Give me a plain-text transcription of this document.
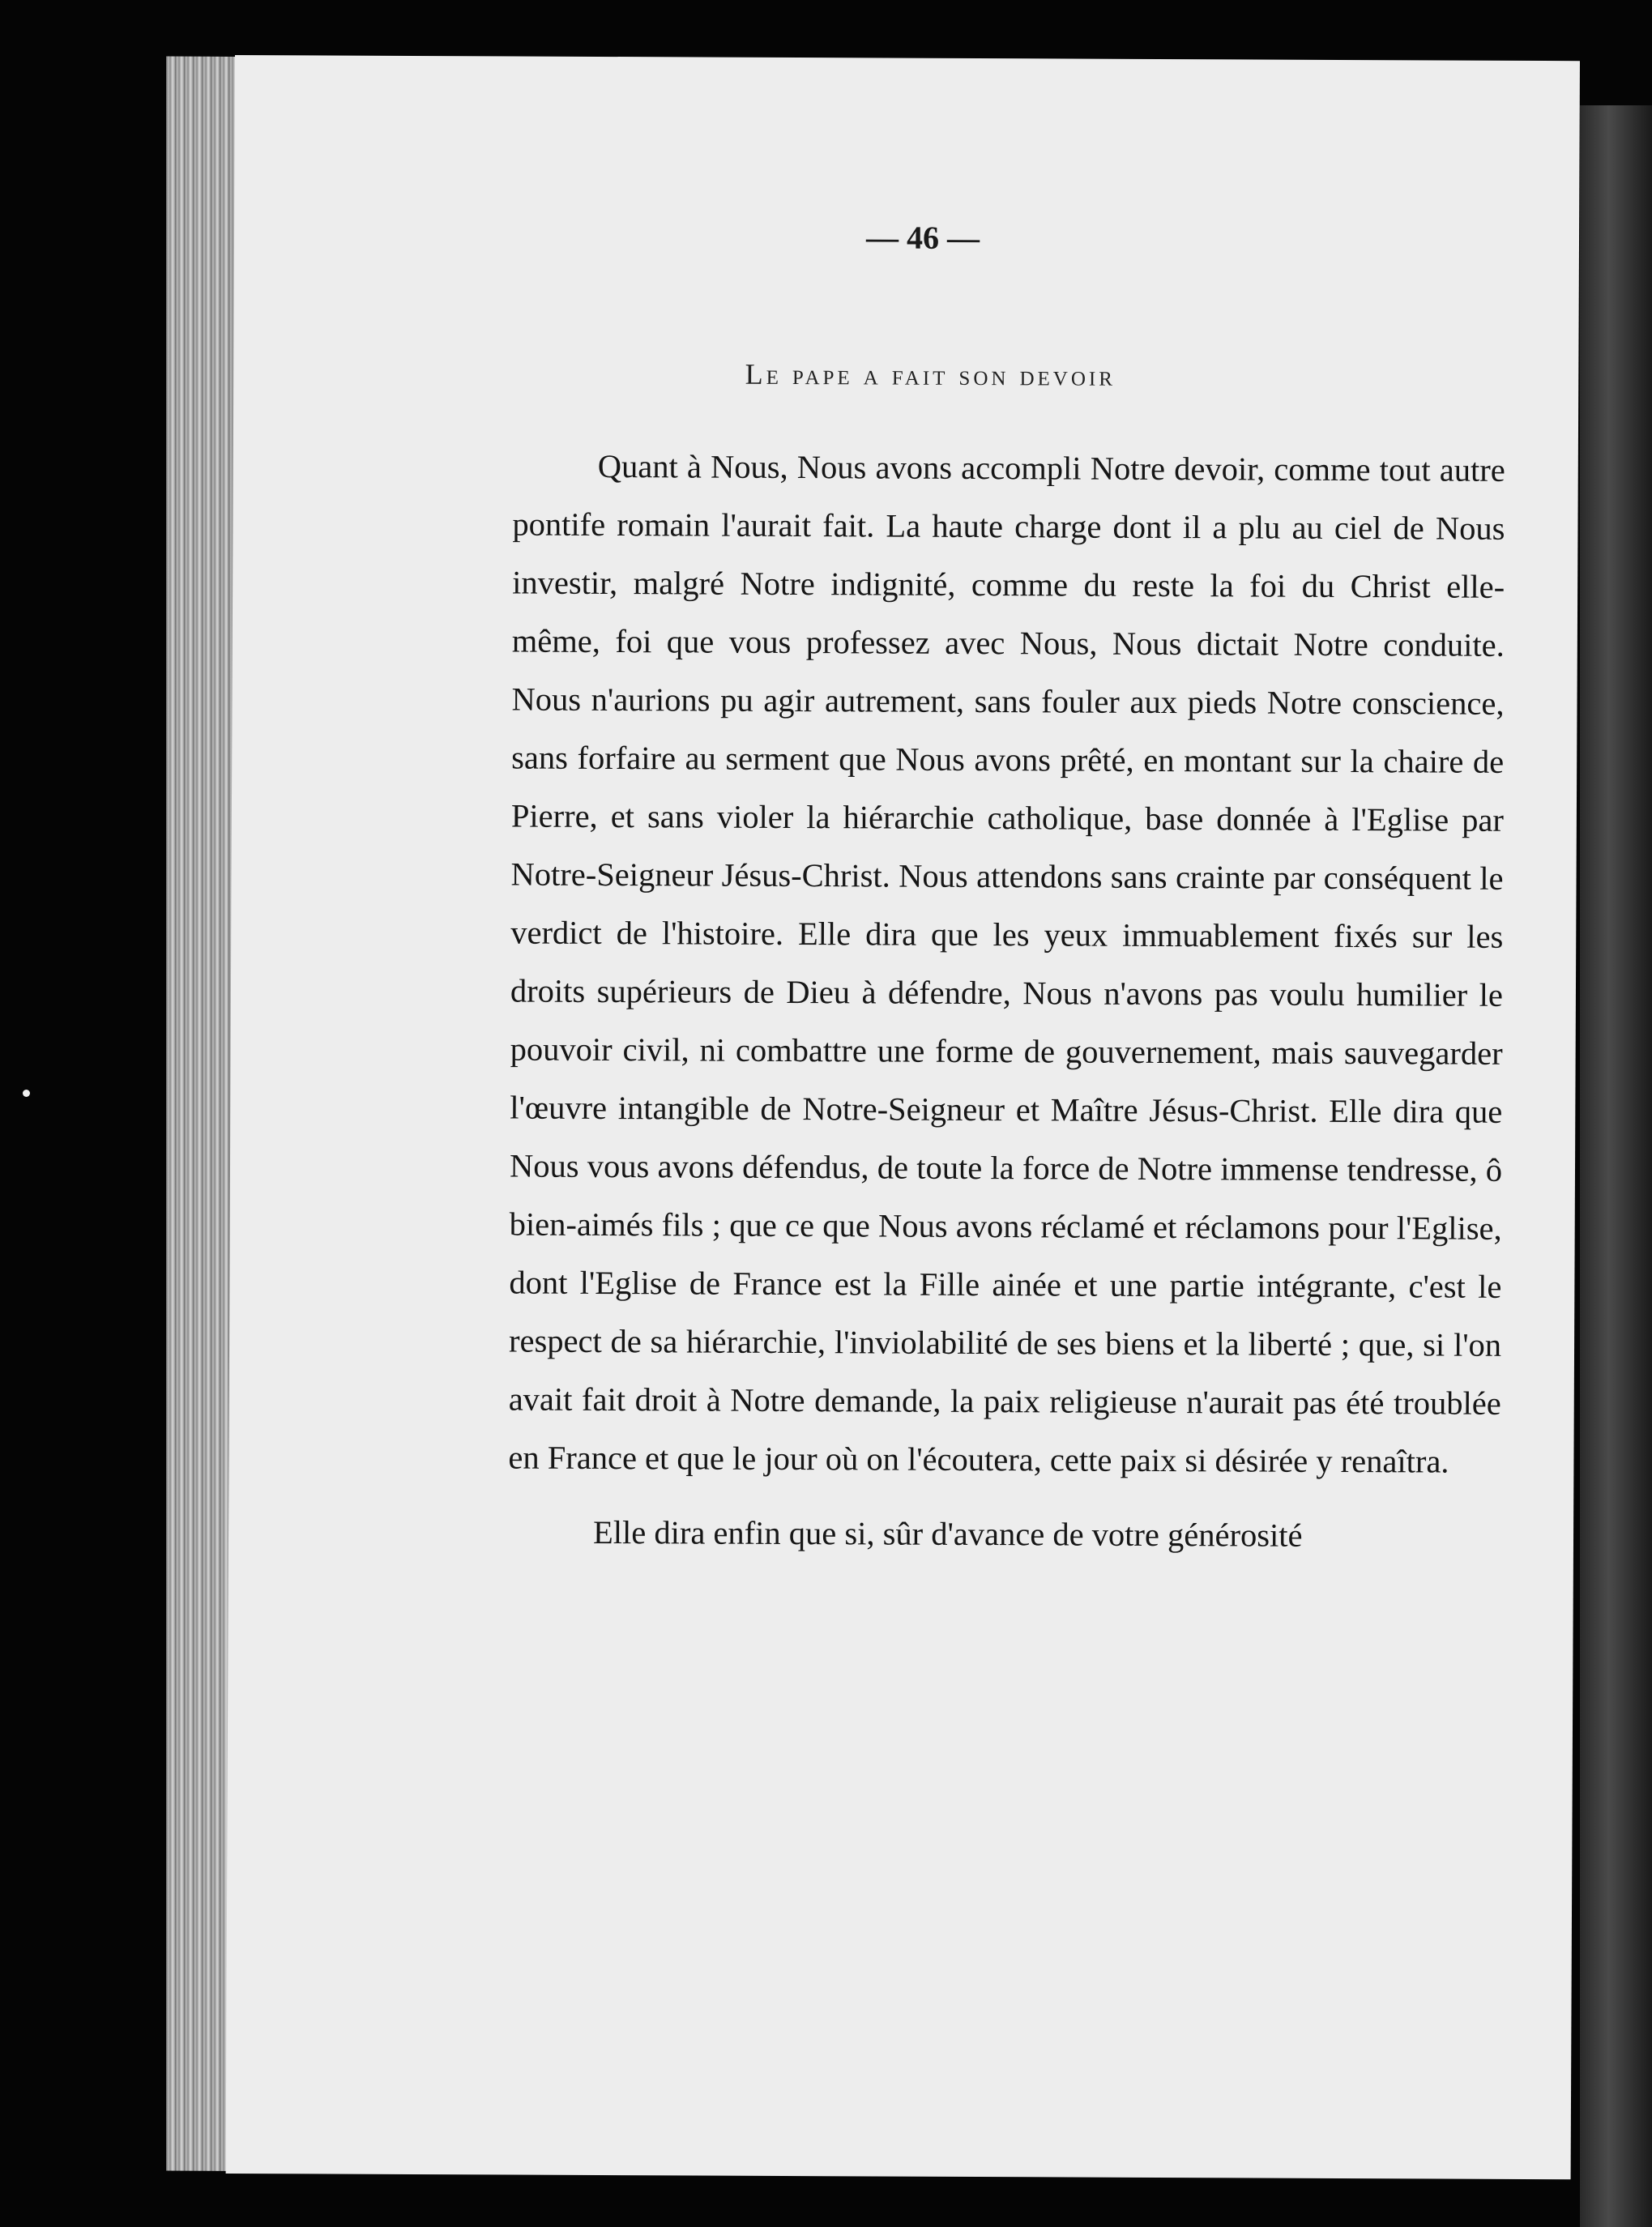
— 46 —
Le pape a fait son devoir

Quant à Nous, Nous avons accompli Notre devoir, comme tout autre pontife romain l'aurait fait. La haute charge dont il a plu au ciel de Nous investir, malgré Notre indignité, comme du reste la foi du Christ elle-même, foi que vous professez avec Nous, Nous dictait Notre conduite. Nous n'aurions pu agir autrement, sans fouler aux pieds Notre conscience, sans forfaire au serment que Nous avons prêté, en montant sur la chaire de Pierre, et sans violer la hiérarchie catholique, base donnée à l'Eglise par Notre-Seigneur Jésus-Christ. Nous attendons sans crainte par conséquent le verdict de l'histoire. Elle dira que les yeux immuablement fixés sur les droits supérieurs de Dieu à défendre, Nous n'avons pas voulu humilier le pouvoir civil, ni combattre une forme de gouvernement, mais sauvegarder l'œuvre intangible de Notre-Seigneur et Maître Jésus-Christ. Elle dira que Nous vous avons défendus, de toute la force de Notre immense tendresse, ô bien-aimés fils ; que ce que Nous avons réclamé et réclamons pour l'Eglise, dont l'Eglise de France est la Fille ainée et une partie intégrante, c'est le respect de sa hiérarchie, l'inviolabilité de ses biens et la liberté ; que, si l'on avait fait droit à Notre demande, la paix religieuse n'aurait pas été troublée en France et que le jour où on l'écoutera, cette paix si désirée y renaîtra.

Elle dira enfin que si, sûr d'avance de votre générosité
